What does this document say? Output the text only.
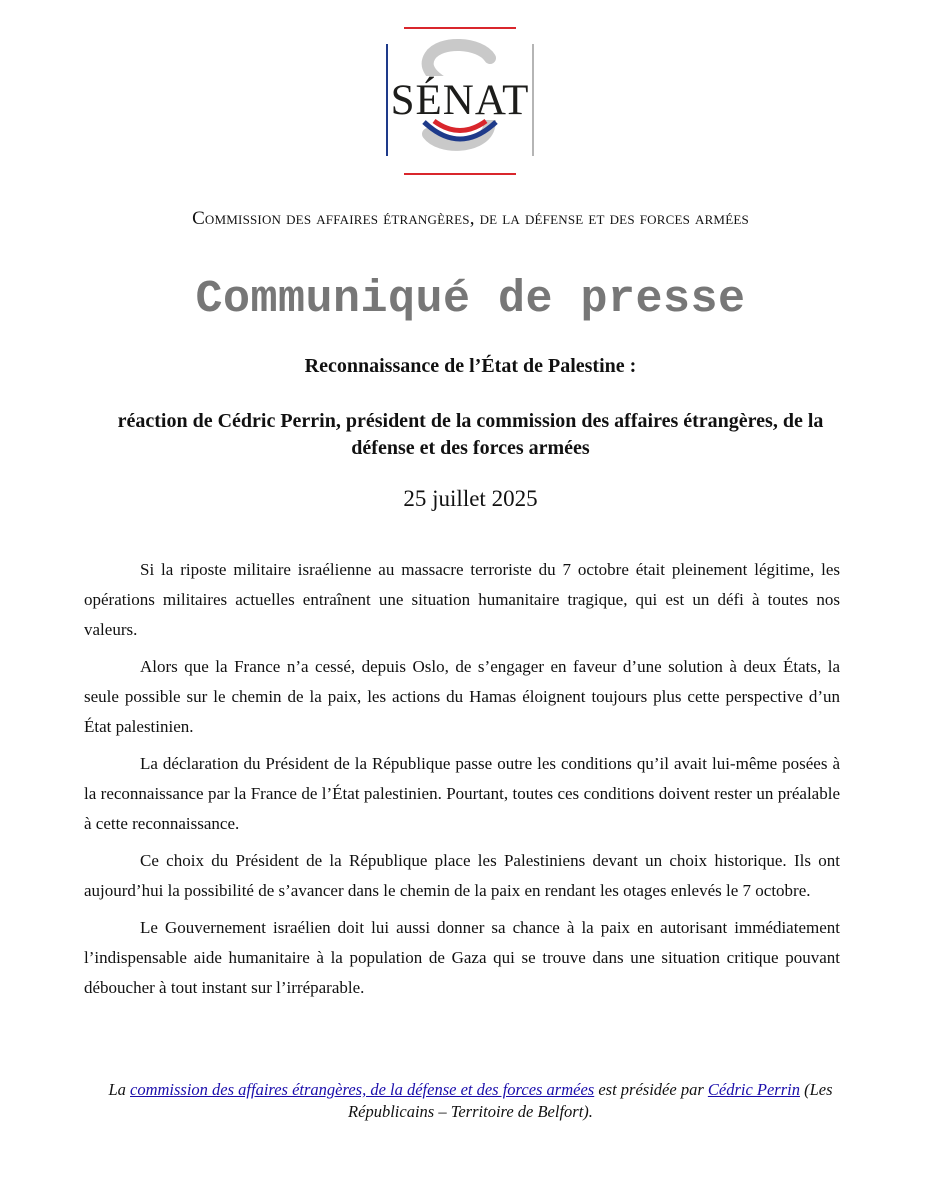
SÉNAT
Commission des affaires étrangères, de la défense et des forces armées
Communiqué de presse
Reconnaissance de l’État de Palestine :
réaction de Cédric Perrin, président de la commission des affaires étrangères, de la défense et des forces armées
25 juillet 2025

Si la riposte militaire israélienne au massacre terroriste du 7 octobre était pleinement légitime, les opérations militaires actuelles entraînent une situation humanitaire tragique, qui est un défi à toutes nos valeurs.

Alors que la France n’a cessé, depuis Oslo, de s’engager en faveur d’une solution à deux États, la seule possible sur le chemin de la paix, les actions du Hamas éloignent toujours plus cette perspective d’un État palestinien.

La déclaration du Président de la République passe outre les conditions qu’il avait lui-même posées à la reconnaissance par la France de l’État palestinien. Pourtant, toutes ces conditions doivent rester un préalable à cette reconnaissance.

Ce choix du Président de la République place les Palestiniens devant un choix historique. Ils ont aujourd’hui la possibilité de s’avancer dans le chemin de la paix en rendant les otages enlevés le 7 octobre.

Le Gouvernement israélien doit lui aussi donner sa chance à la paix en autorisant immédiatement l’indispensable aide humanitaire à la population de Gaza qui se trouve dans une situation critique pouvant déboucher à tout instant sur l’irréparable.

La commission des affaires étrangères, de la défense et des forces armées est présidée par Cédric Perrin (Les Républicains – Territoire de Belfort).
